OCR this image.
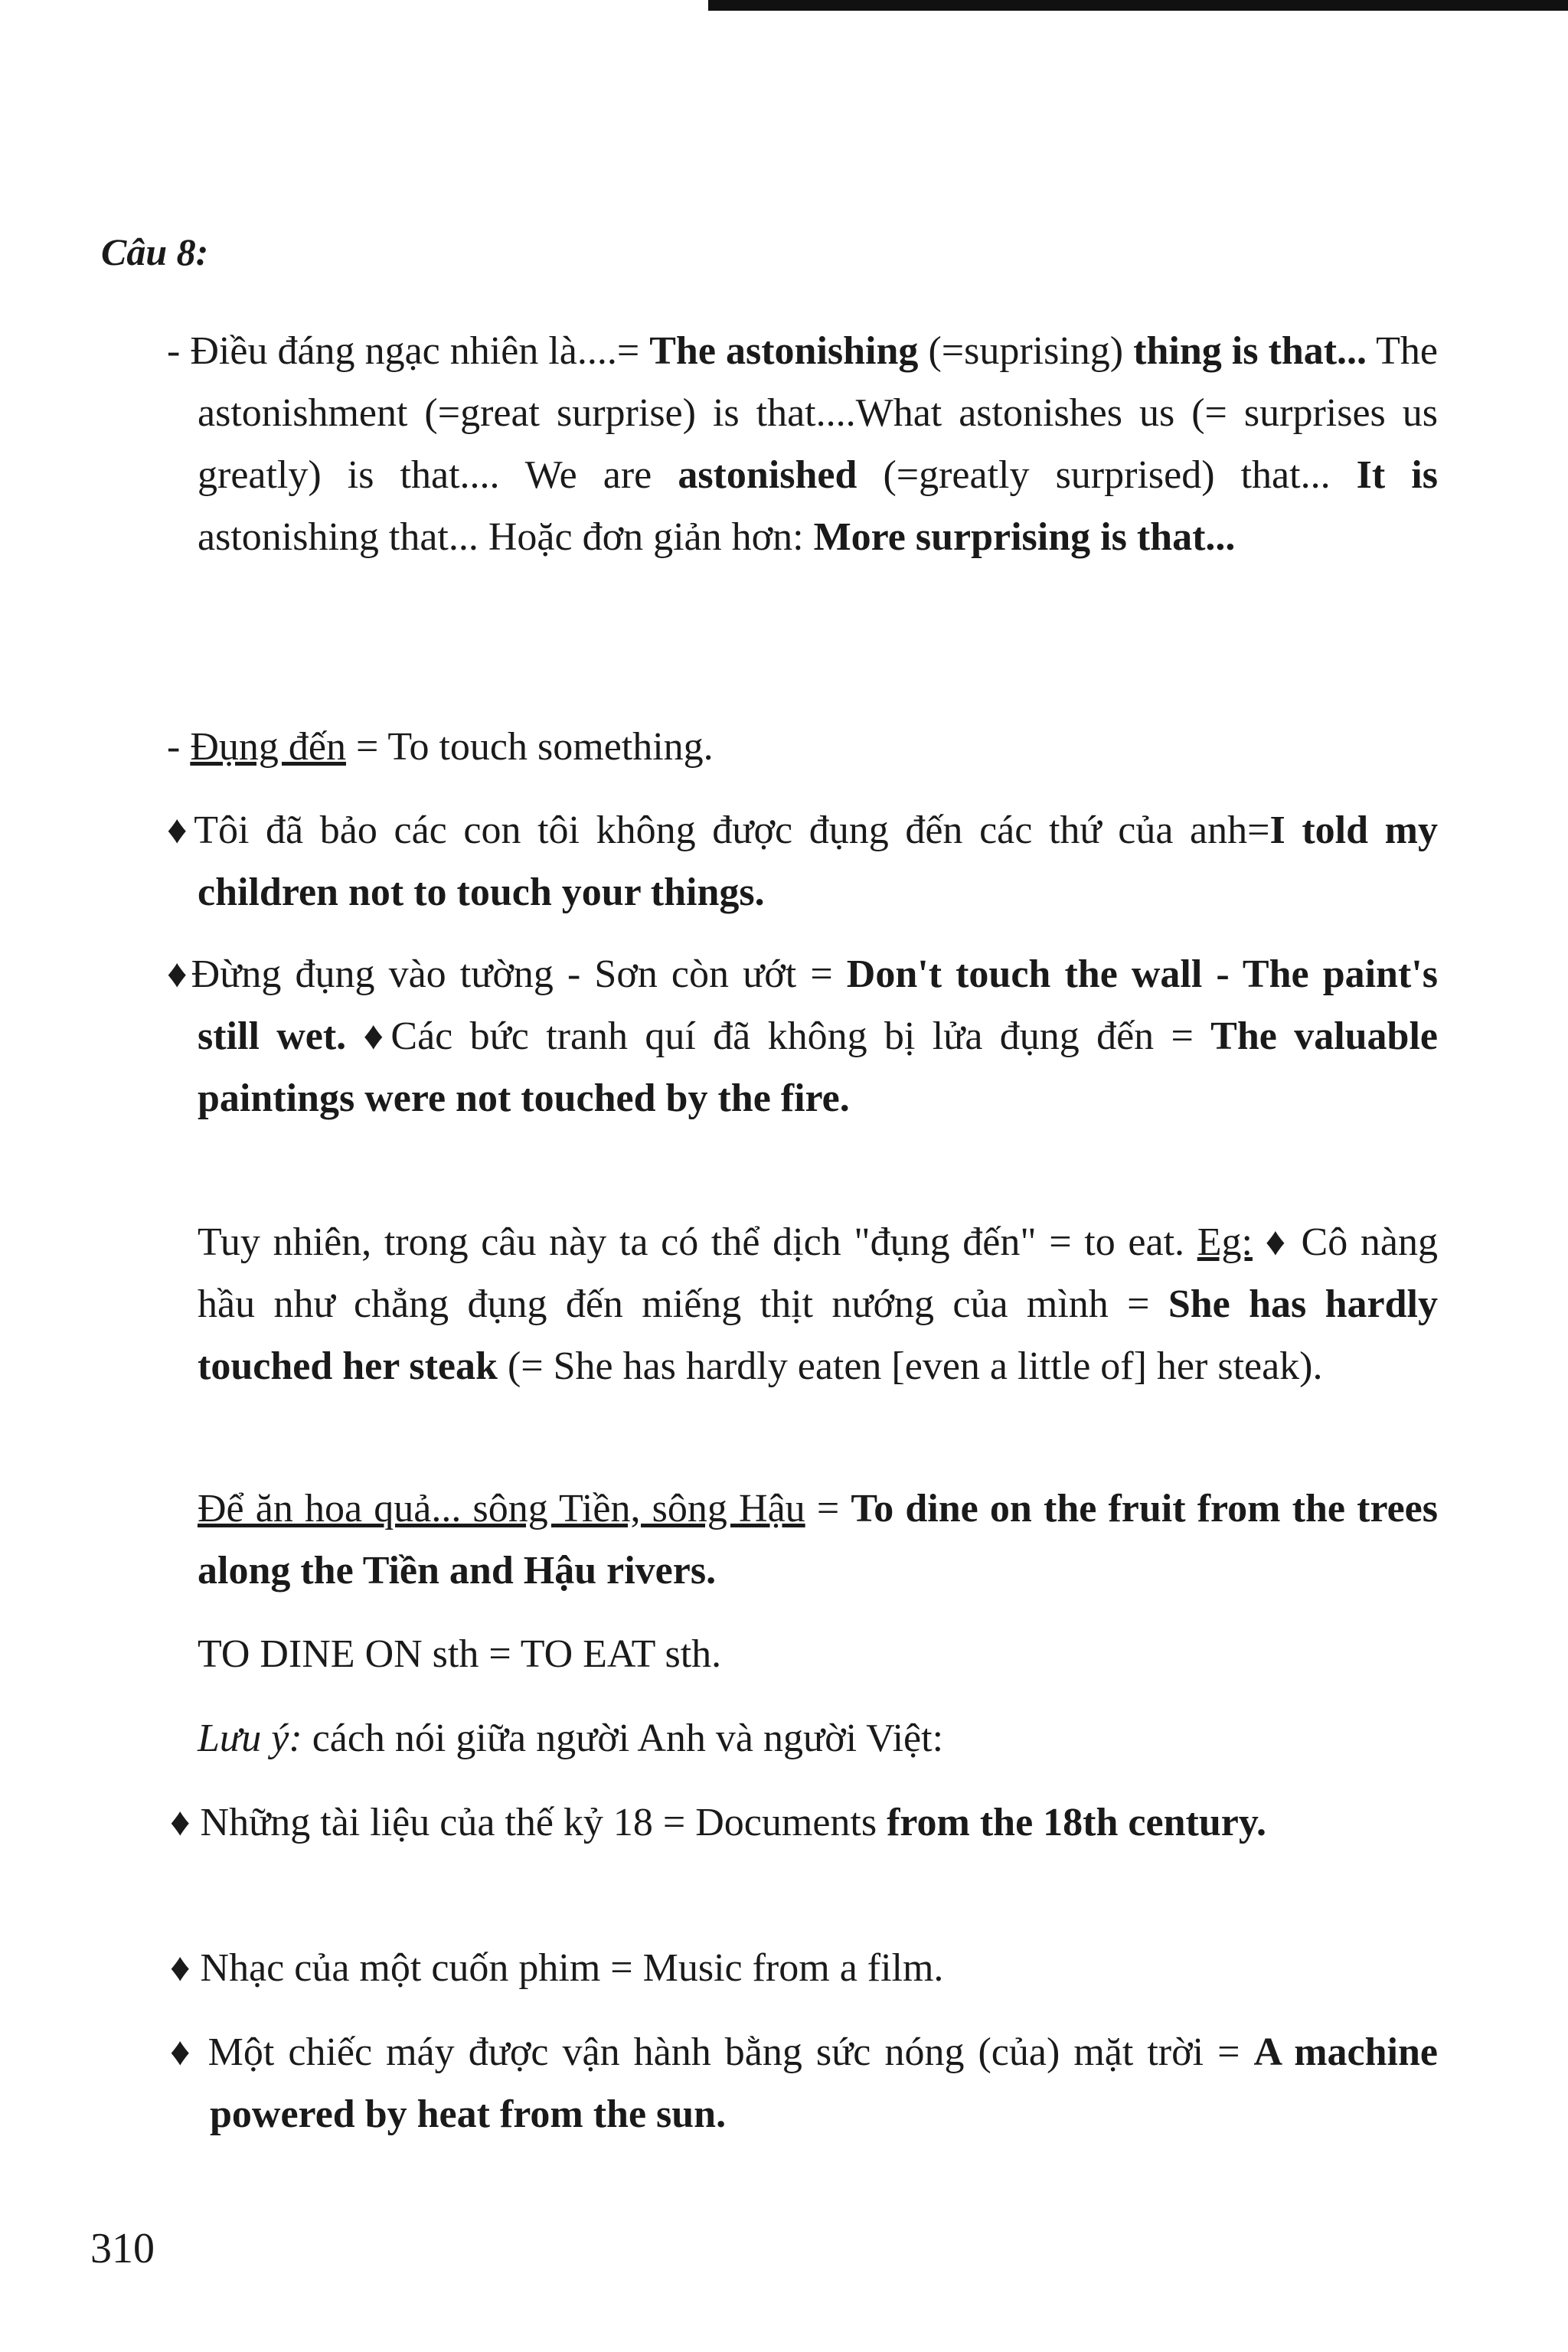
Câu 8:
- Điều đáng ngạc nhiên là....= The astonishing (=suprising) thing is that... The astonishment (=great surprise) is that....What astonishes us (= surprises us greatly) is that.... We are astonished (=greatly surprised) that... It is astonishing that... Hoặc đơn giản hơn: More surprising is that...
- Đụng đến = To touch something.
♦Tôi đã bảo các con tôi không được đụng đến các thứ của anh=I told my children not to touch your things.
♦Đừng đụng vào tường - Sơn còn ướt = Don't touch the wall - The paint's still wet. ♦Các bức tranh quí đã không bị lửa đụng đến = The valuable paintings were not touched by the fire.
Tuy nhiên, trong câu này ta có thể dịch "đụng đến" = to eat. Eg: ♦ Cô nàng hầu như chẳng đụng đến miếng thịt nướng của mình = She has hardly touched her steak (= She has hardly eaten [even a little of] her steak).
Để ăn hoa quả... sông Tiền, sông Hậu = To dine on the fruit from the trees along the Tiền and Hậu rivers.
TO DINE ON sth = TO EAT sth.
Lưu ý: cách nói giữa người Anh và người Việt:
♦ Những tài liệu của thế kỷ 18 = Documents from the 18th century.
♦ Nhạc của một cuốn phim = Music from a film.
♦ Một chiếc máy được vận hành bằng sức nóng (của) mặt trời = A machine powered by heat from the sun.
310
